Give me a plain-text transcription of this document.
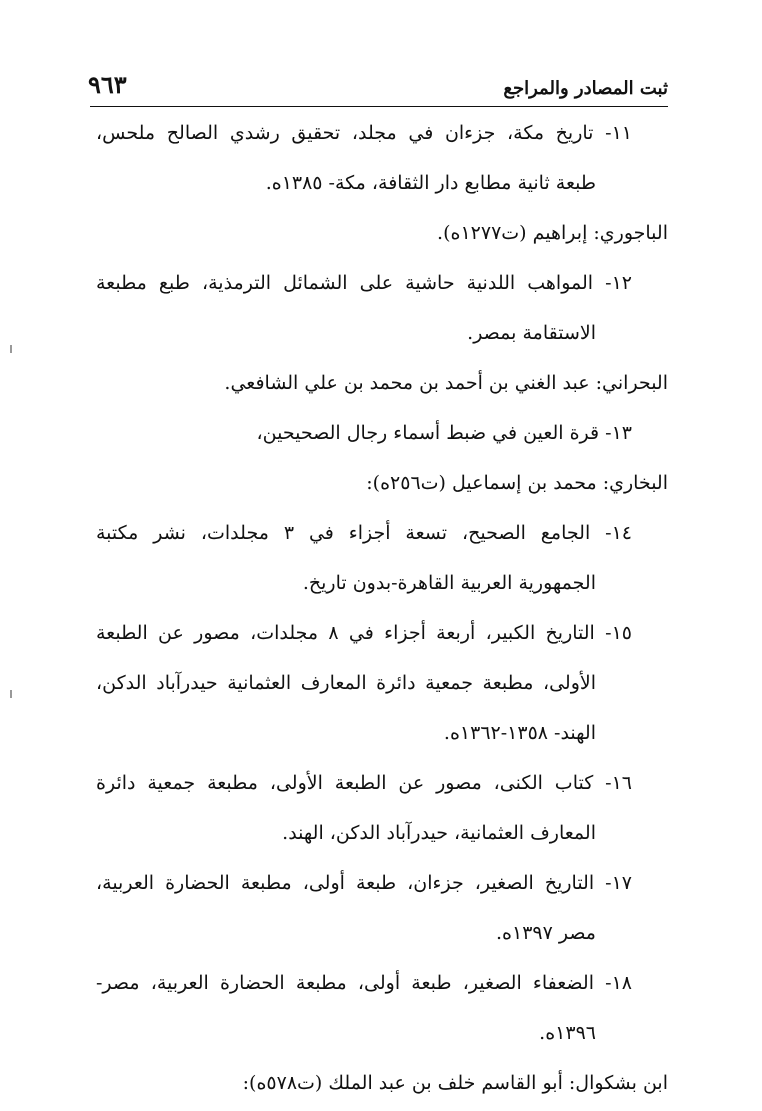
٩٦٣	ثبت المصادر والمراجع
١١- تاريخ مكة، جزءان في مجلد، تحقيق رشدي الصالح ملحس،
طبعة ثانية مطابع دار الثقافة، مكة- ١٣٨٥ه.
الباجوري: إبراهيم (ت١٢٧٧ه).
١٢- المواهب اللدنية حاشية على الشمائل الترمذية، طبع مطبعة
الاستقامة بمصر.
البحراني: عبد الغني بن أحمد بن محمد بن علي الشافعي.
١٣- قرة العين في ضبط أسماء رجال الصحيحين،
البخاري: محمد بن إسماعيل (ت٢٥٦ه):
١٤- الجامع الصحيح، تسعة أجزاء في ٣ مجلدات، نشر مكتبة
الجمهورية العربية القاهرة-بدون تاريخ.
١٥- التاريخ الكبير، أربعة أجزاء في ٨ مجلدات، مصور عن الطبعة
الأولى، مطبعة جمعية دائرة المعارف العثمانية حيدرآباد الدكن،
الهند- ١٣٥٨-١٣٦٢ه.
١٦- كتاب الكنى، مصور عن الطبعة الأولى، مطبعة جمعية دائرة
المعارف العثمانية، حيدرآباد الدكن، الهند.
١٧- التاريخ الصغير، جزءان، طبعة أولى، مطبعة الحضارة العربية،
مصر ١٣٩٧ه.
١٨- الضعفاء الصغير، طبعة أولى، مطبعة الحضارة العربية، مصر-
١٣٩٦ه.
ابن بشكوال: أبو القاسم خلف بن عبد الملك (ت٥٧٨ه):
